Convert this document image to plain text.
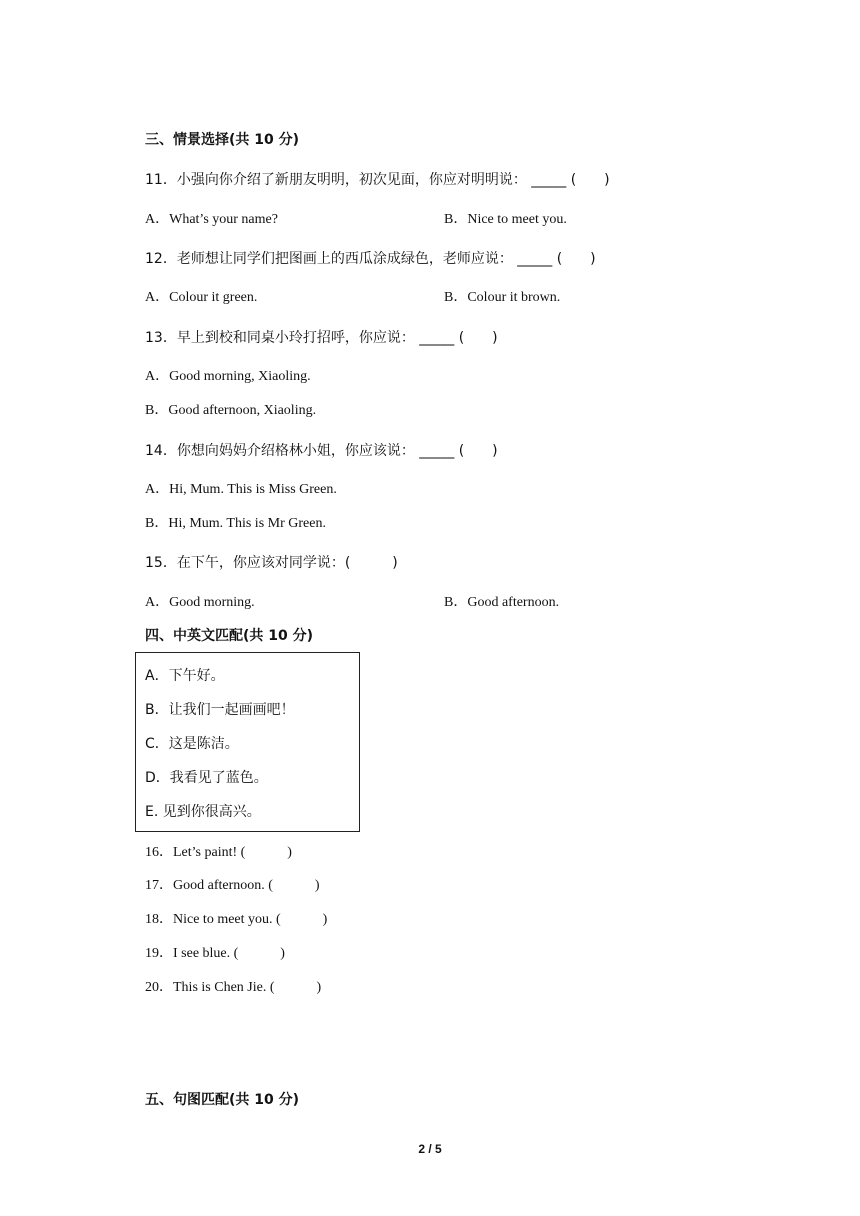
三、情景选择(共 10 分)
11．小强向你介绍了新朋友明明，初次见面，你应对明明说： _____ (　　)
A．What’s your name?	B．Nice to meet you.
12．老师想让同学们把图画上的西瓜涂成绿色，老师应说： _____ (　　)
A．Colour it green.	B．Colour it brown.
13．早上到校和同桌小玲打招呼，你应说： _____ (　　)
A．Good morning, Xiaoling.
B．Good afternoon, Xiaoling.
14．你想向妈妈介绍格林小姐，你应该说： _____ (　　)
A．Hi, Mum. This is Miss Green.
B．Hi, Mum. This is Mr Green.
15．在下午，你应该对同学说：(　　　)
A．Good morning.	B．Good afternoon.
四、中英文匹配(共 10 分)
A．下午好。
B．让我们一起画画吧！
C．这是陈洁。
D．我看见了蓝色。
E. 见到你很高兴。
16．Let’s paint! (　　　)
17．Good afternoon. (　　　)
18．Nice to meet you. (　　　)
19．I see blue. (　　　)
20．This is Chen Jie. (　　　)
五、句图匹配(共 10 分)
2 / 5
